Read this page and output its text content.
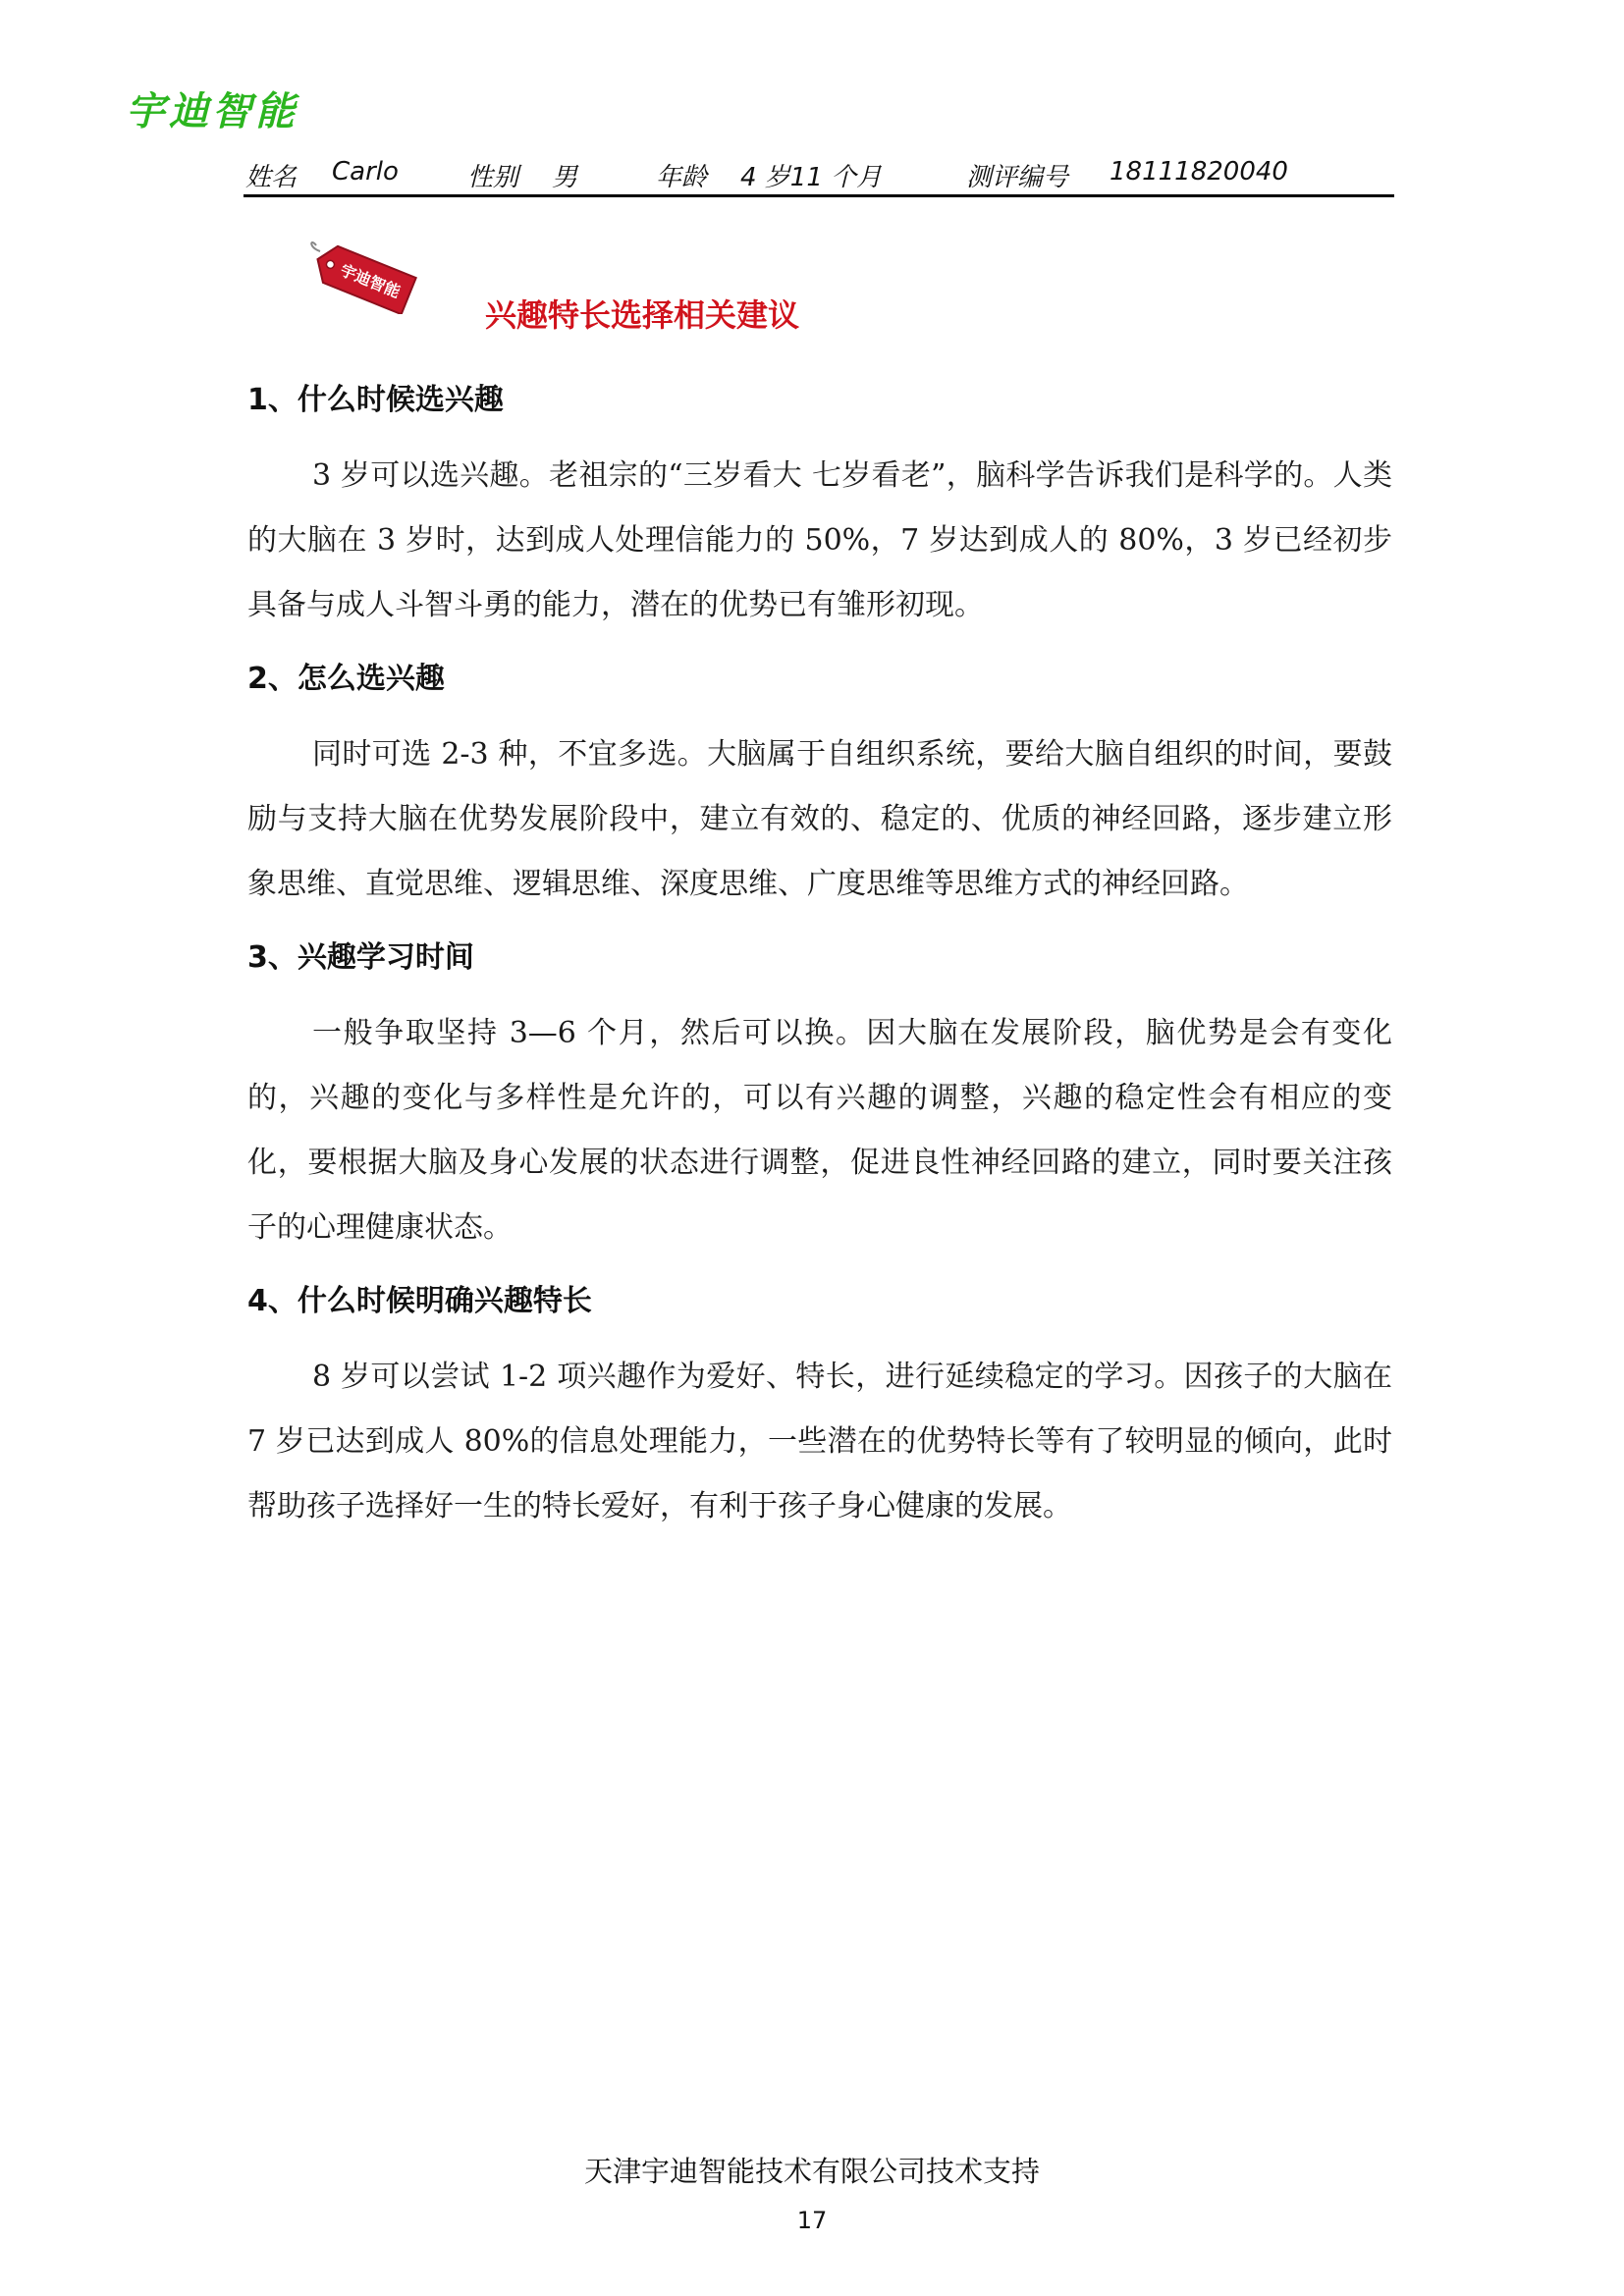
宇迪智能
姓名 Carlo	性别 男	年龄 4 岁11 个月	测评编号 18111820040
宇迪智能
兴趣特长选择相关建议
1、什么时候选兴趣
3 岁可以选兴趣。老祖宗的“三岁看大 七岁看老”，脑科学告诉我们是科学的。人类的大脑在 3 岁时，达到成人处理信能力的 50%，7 岁达到成人的 80%，3 岁已经初步具备与成人斗智斗勇的能力，潜在的优势已有雏形初现。
2、怎么选兴趣
同时可选 2-3 种，不宜多选。大脑属于自组织系统，要给大脑自组织的时间，要鼓励与支持大脑在优势发展阶段中，建立有效的、稳定的、优质的神经回路，逐步建立形象思维、直觉思维、逻辑思维、深度思维、广度思维等思维方式的神经回路。
3、兴趣学习时间
一般争取坚持 3—6 个月，然后可以换。因大脑在发展阶段，脑优势是会有变化的，兴趣的变化与多样性是允许的，可以有兴趣的调整，兴趣的稳定性会有相应的变化，要根据大脑及身心发展的状态进行调整，促进良性神经回路的建立，同时要关注孩子的心理健康状态。
4、什么时候明确兴趣特长
8 岁可以尝试 1-2 项兴趣作为爱好、特长，进行延续稳定的学习。因孩子的大脑在 7 岁已达到成人 80%的信息处理能力，一些潜在的优势特长等有了较明显的倾向，此时帮助孩子选择好一生的特长爱好，有利于孩子身心健康的发展。
天津宇迪智能技术有限公司技术支持
17
